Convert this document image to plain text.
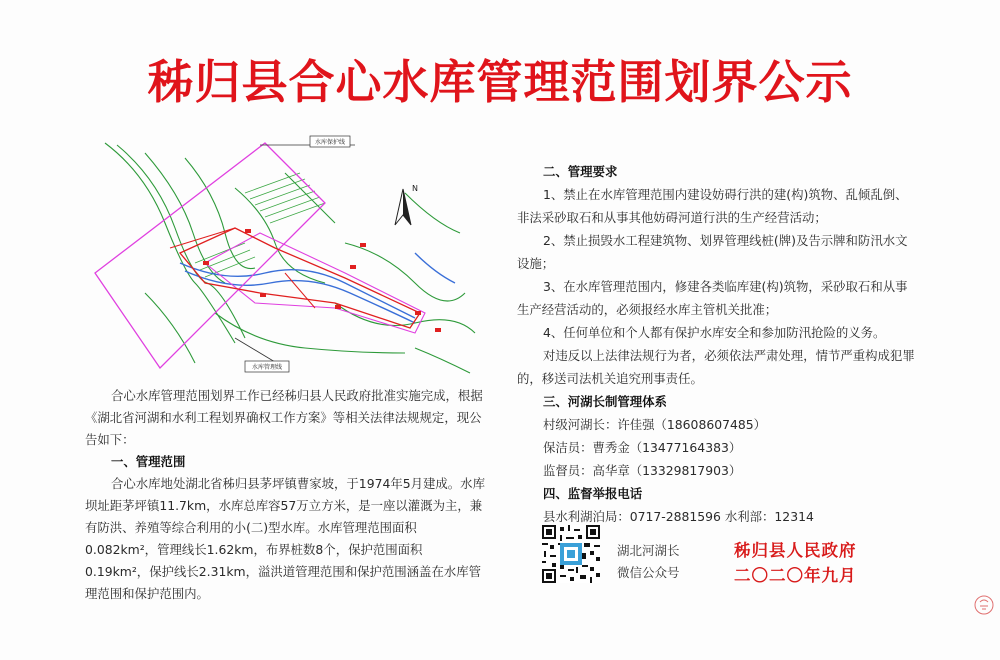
秭归县合心水库管理范围划界公示
水库保护线
水库管理线
N

合心水库管理范围划界工作已经秭归县人民政府批准实施完成，根据《湖北省河湖和水利工程划界确权工作方案》等相关法律法规规定，现公告如下：

一、管理范围

合心水库地处湖北省秭归县茅坪镇曹家坡，于1974年5月建成。水库坝址距茅坪镇11.7km，水库总库容57万立方米，是一座以灌溉为主，兼有防洪、养殖等综合利用的小(二)型水库。水库管理范围面积0.082km²，管理线长1.62km，布界桩数8个，保护范围面积0.19km²，保护线长2.31km，溢洪道管理范围和保护范围涵盖在水库管理范围和保护范围内。

二、管理要求

1、禁止在水库管理范围内建设妨碍行洪的建(构)筑物、乱倾乱倒、非法采砂取石和从事其他妨碍河道行洪的生产经营活动；

2、禁止损毁水工程建筑物、划界管理线桩(牌)及告示牌和防汛水文设施；

3、在水库管理范围内，修建各类临库建(构)筑物，采砂取石和从事生产经营活动的，必须报经水库主管机关批准；

4、任何单位和个人都有保护水库安全和参加防汛抢险的义务。

对违反以上法律法规行为者，必须依法严肃处理，情节严重构成犯罪的，移送司法机关追究刑事责任。

三、河湖长制管理体系

村级河湖长：许佳强（18608607485）

保洁员：曹秀金（13477164383）

监督员：高华章（13329817903）

四、监督举报电话

县水利湖泊局：0717-2881596 水利部：12314

湖北河湖长
微信公众号
秭归县人民政府
二〇二〇年九月
